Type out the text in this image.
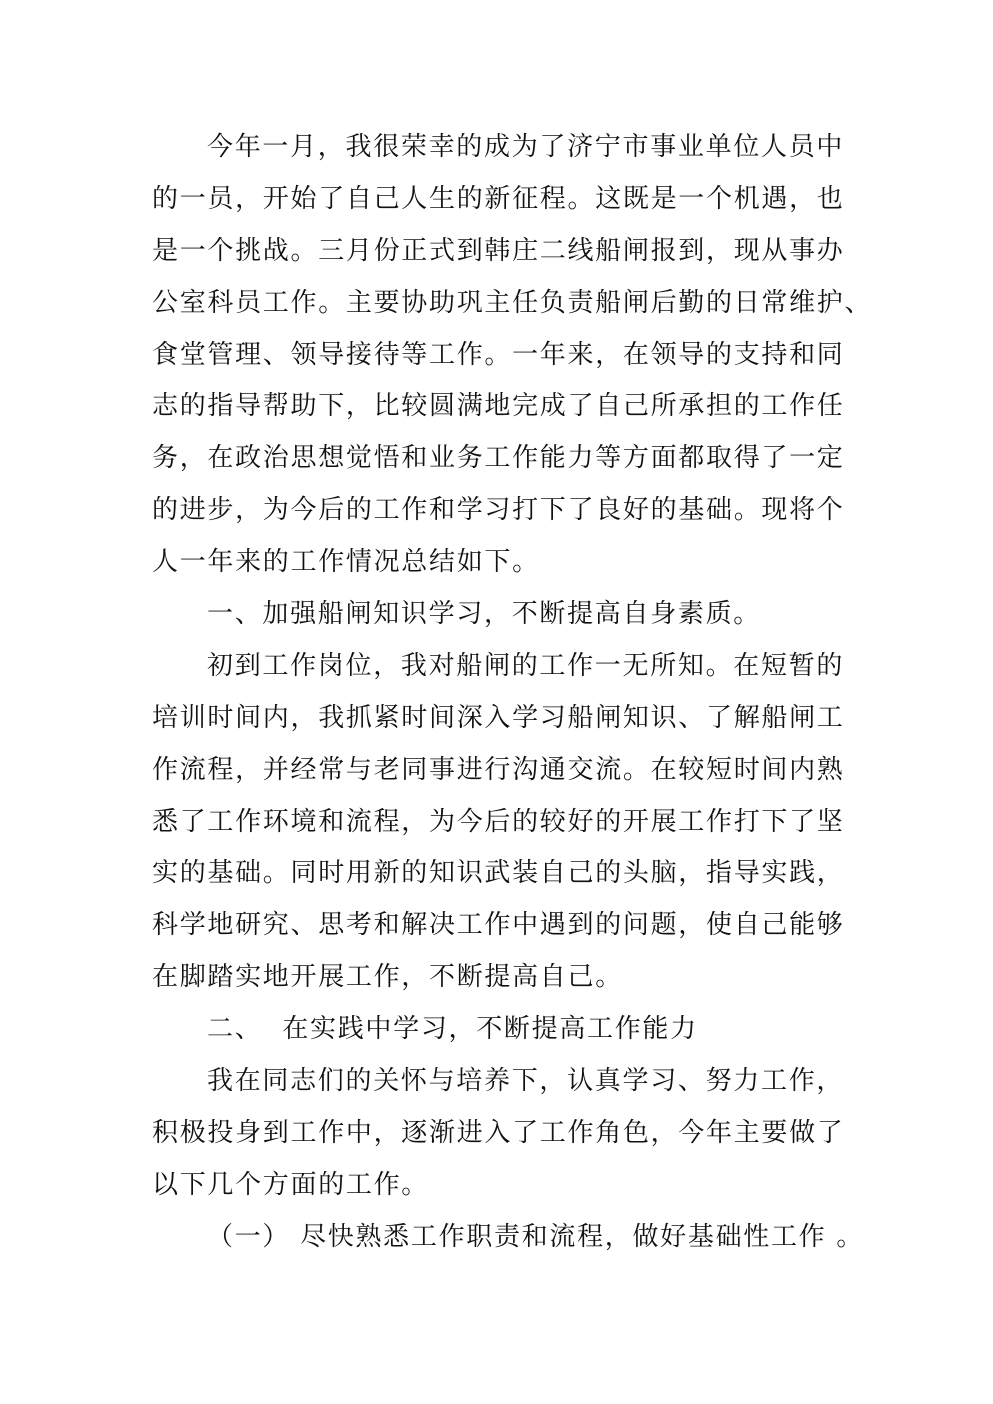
今年一月，我很荣幸的成为了济宁市事业单位人员中
的一员，开始了自己人生的新征程。这既是一个机遇，也
是一个挑战。三月份正式到韩庄二线船闸报到，现从事办
公室科员工作。主要协助巩主任负责船闸后勤的日常维护、
食堂管理、领导接待等工作。一年来，在领导的支持和同
志的指导帮助下，比较圆满地完成了自己所承担的工作任
务，在政治思想觉悟和业务工作能力等方面都取得了一定
的进步，为今后的工作和学习打下了良好的基础。现将个
人一年来的工作情况总结如下。
一、加强船闸知识学习，不断提高自身素质。
初到工作岗位，我对船闸的工作一无所知。在短暂的
培训时间内，我抓紧时间深入学习船闸知识、了解船闸工
作流程，并经常与老同事进行沟通交流。在较短时间内熟
悉了工作环境和流程，为今后的较好的开展工作打下了坚
实的基础。同时用新的知识武装自己的头脑，指导实践，
科学地研究、思考和解决工作中遇到的问题，使自己能够
在脚踏实地开展工作，不断提高自己。
二、  在实践中学习，不断提高工作能力
我在同志们的关怀与培养下，认真学习、努力工作，
积极投身到工作中，逐渐进入了工作角色，今年主要做了
以下几个方面的工作。
（一） 尽快熟悉工作职责和流程，做好基础性工作 。
